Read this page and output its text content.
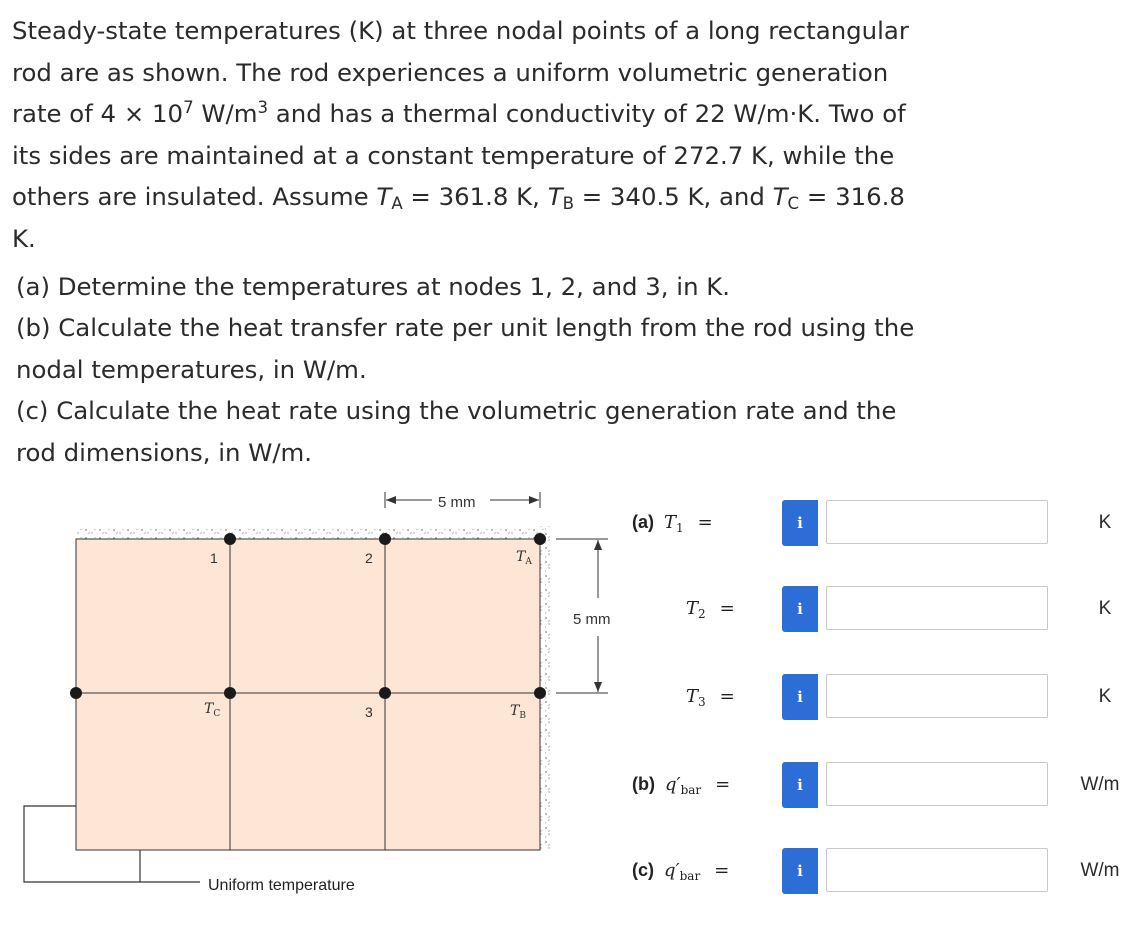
Steady-state temperatures (K) at three nodal points of a long rectangular
rod are as shown. The rod experiences a uniform volumetric generation
rate of $4 \times 10^7$ $W/m^3$ and has a thermal conductivity of 22 W/m·K. Two of
its sides are maintained at a constant temperature of 272.7 K, while the
others are insulated. Assume $T_A = 361.8$ K, $T_B = 340.5$ K, and $T_C = 316.8$
K.

(a) Determine the temperatures at nodes 1, 2, and 3, in K.

(b) Calculate the heat transfer rate per unit length from the rod using the

nodal temperatures, in W/m.

(c) Calculate the heat rate using the volumetric generation rate and the

rod dimensions, in W/m.

1	2
3
$T_A$
$T_B$
$T_C$
5 mm
5 mm
Uniform temperature
(a) $T_1$ =	i	K
$T_2$ =	i	K
$T_3$ =	i	K
(b) $q'_{bar}$ =	i	W/m
(c) $q'_{bar}$ =	i	W/m
